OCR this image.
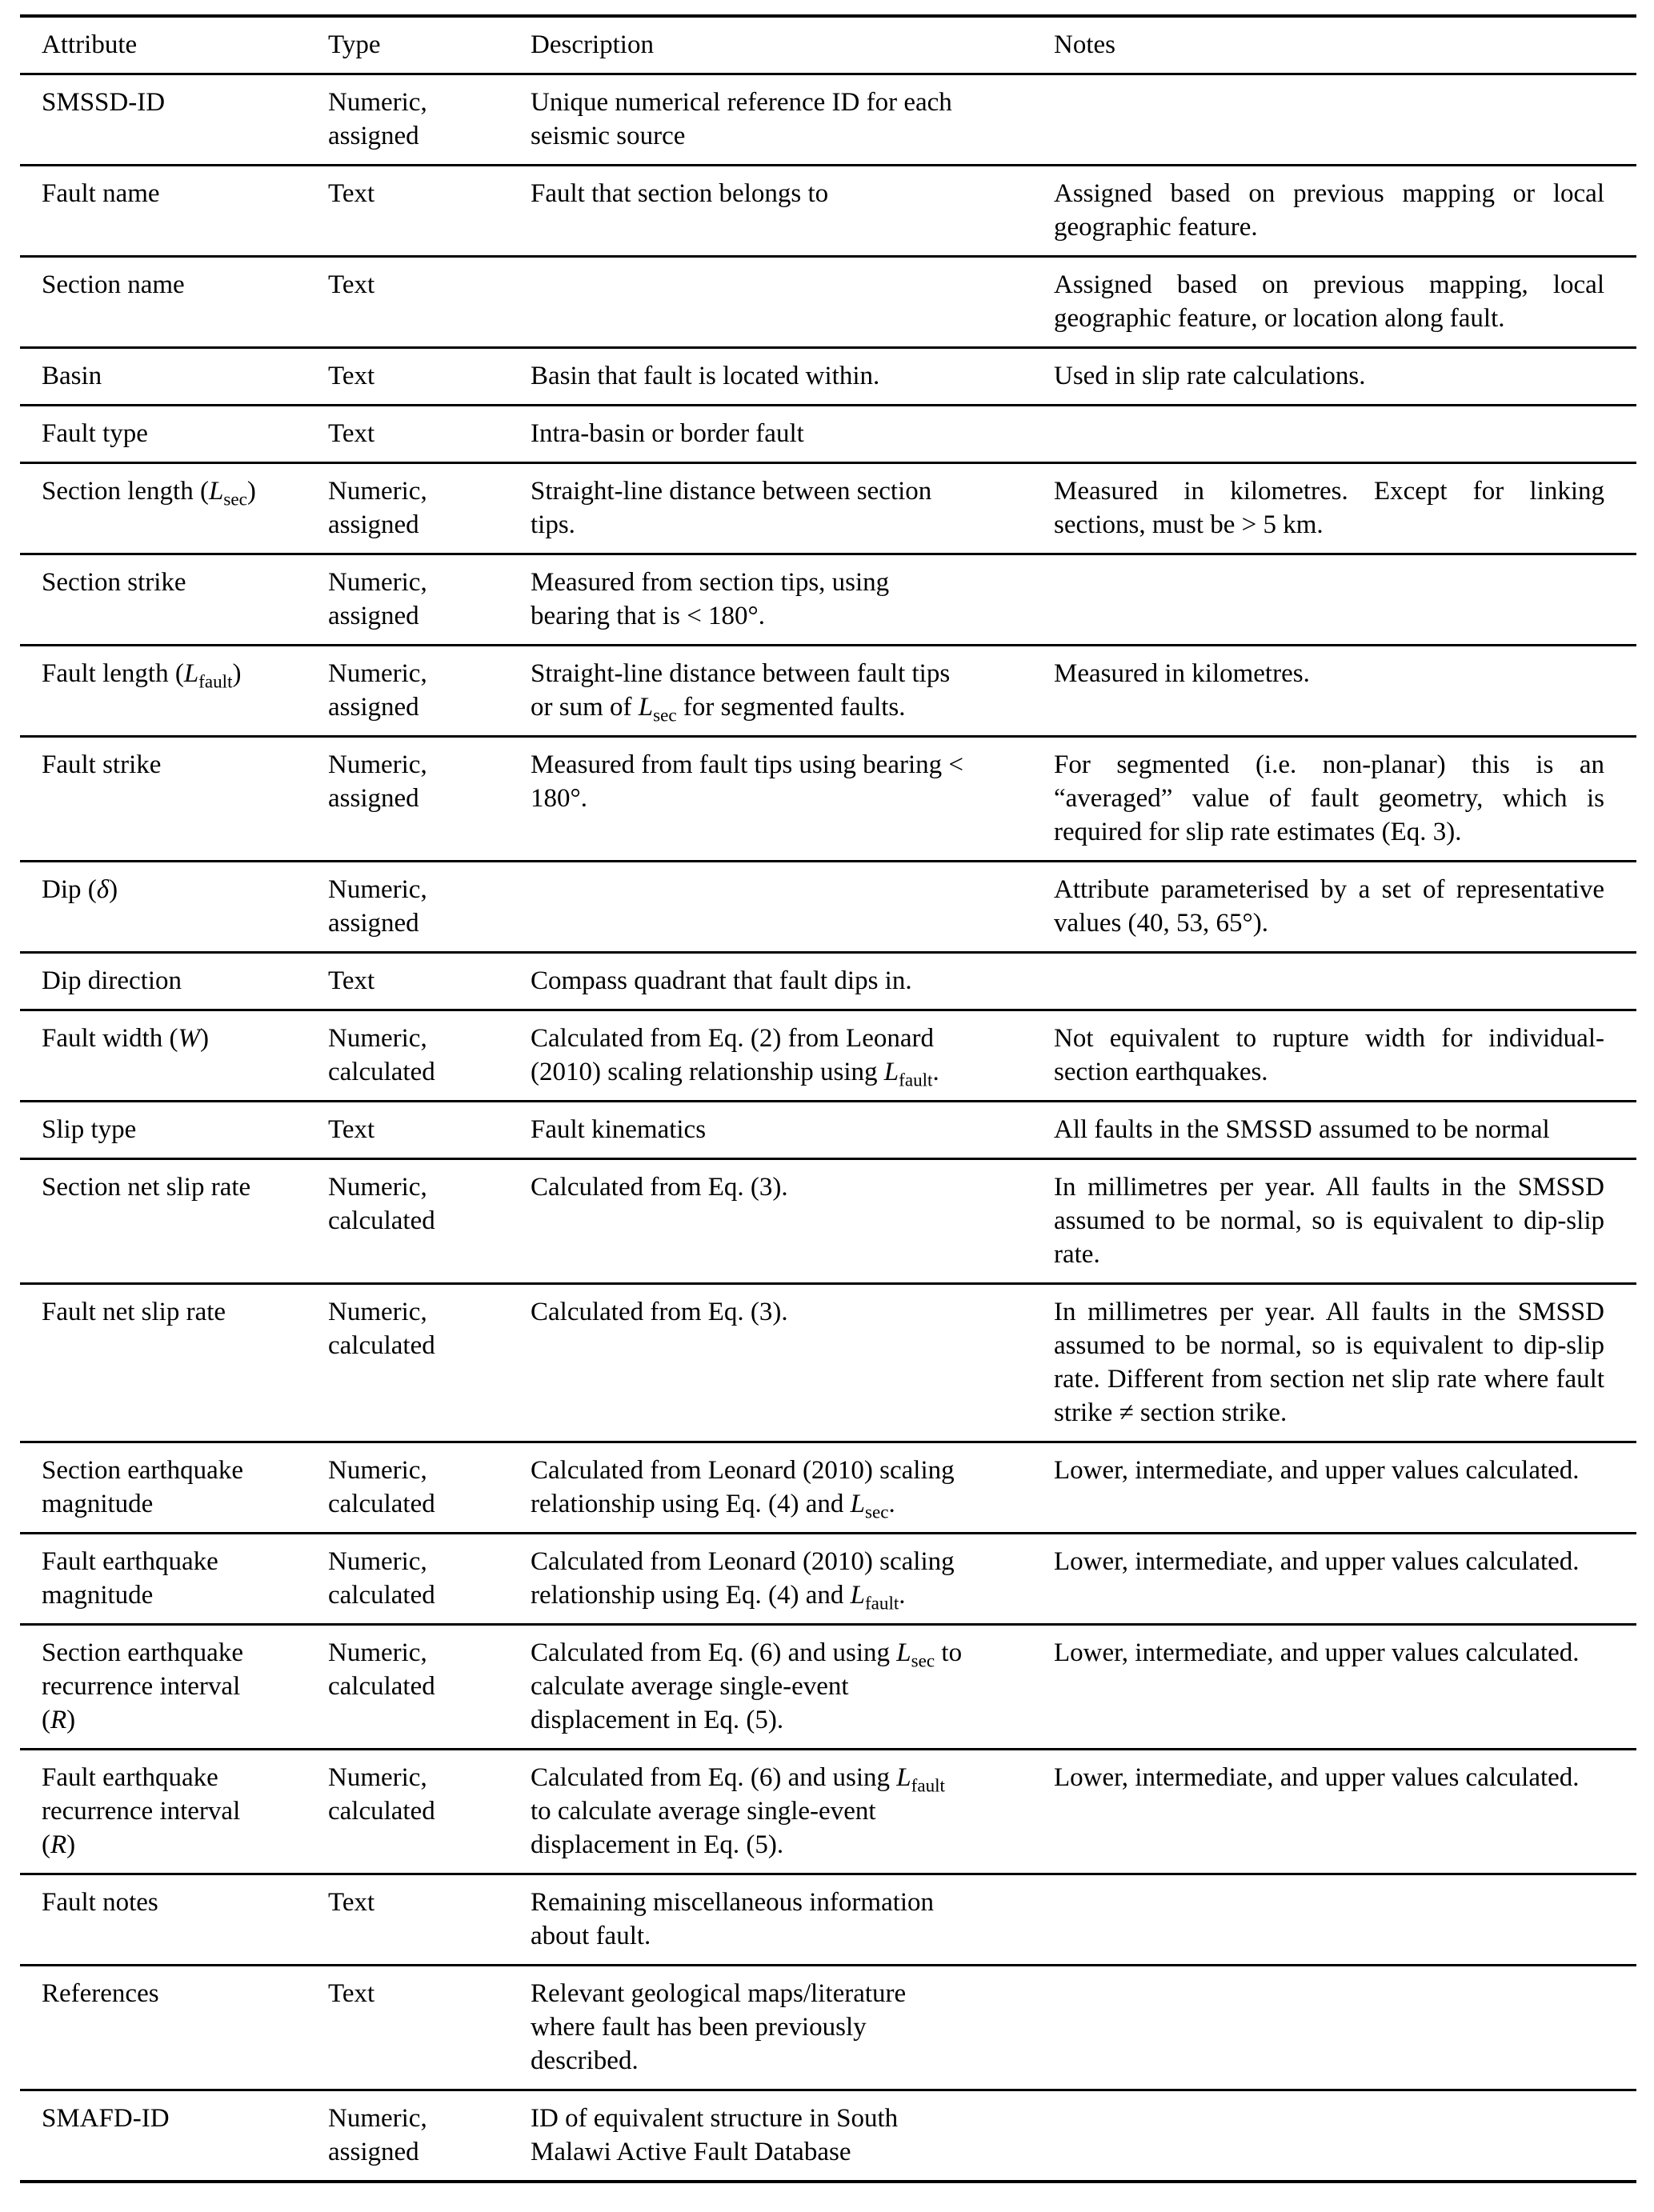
Attribute	Type	Description	Notes
SMSSD-ID	Numeric, assigned	Unique numerical reference ID for each seismic source	
Fault name	Text	Fault that section belongs to	Assigned based on previous mapping or local geographic feature.
Section name	Text		Assigned based on previous mapping, local geographic feature, or location along fault.
Basin	Text	Basin that fault is located within.	Used in slip rate calculations.
Fault type	Text	Intra-basin or border fault	
Section length $(L_{sec})$	Numeric, assigned	Straight-line distance between section tips.	Measured in kilometres. Except for linking sections, must be > 5 km.
Section strike	Numeric, assigned	Measured from section tips, using bearing that is < 180°.	
Fault length $(L_{fault})$	Numeric, assigned	Straight-line distance between fault tips or sum of $L_{sec}$ for segmented faults.	Measured in kilometres.
Fault strike	Numeric, assigned	Measured from fault tips using bearing < 180°.	For segmented (i.e. non-planar) this is an “averaged” value of fault geometry, which is required for slip rate estimates (Eq. 3).
Dip (δ)	Numeric, assigned		Attribute parameterised by a set of representative values (40, 53, 65°).
Dip direction	Text	Compass quadrant that fault dips in.	
Fault width (W)	Numeric, calculated	Calculated from Eq. (2) from Leonard (2010) scaling relationship using $L_{fault}$.	Not equivalent to rupture width for individual-section earthquakes.
Slip type	Text	Fault kinematics	All faults in the SMSSD assumed to be normal
Section net slip rate	Numeric, calculated	Calculated from Eq. (3).	In millimetres per year. All faults in the SMSSD assumed to be normal, so is equivalent to dip-slip rate.
Fault net slip rate	Numeric, calculated	Calculated from Eq. (3).	In millimetres per year. All faults in the SMSSD assumed to be normal, so is equivalent to dip-slip rate. Different from section net slip rate where fault strike ≠ section strike.
Section earthquake magnitude	Numeric, calculated	Calculated from Leonard (2010) scaling relationship using Eq. (4) and $L_{sec}$.	Lower, intermediate, and upper values calculated.
Fault earthquake magnitude	Numeric, calculated	Calculated from Leonard (2010) scaling relationship using Eq. (4) and $L_{fault}$.	Lower, intermediate, and upper values calculated.
Section earthquake recurrence interval (R)	Numeric, calculated	Calculated from Eq. (6) and using $L_{sec}$ to calculate average single-event displacement in Eq. (5).	Lower, intermediate, and upper values calculated.
Fault earthquake recurrence interval (R)	Numeric, calculated	Calculated from Eq. (6) and using $L_{fault}$ to calculate average single-event displacement in Eq. (5).	Lower, intermediate, and upper values calculated.
Fault notes	Text	Remaining miscellaneous information about fault.	
References	Text	Relevant geological maps/literature where fault has been previously described.	
SMAFD-ID	Numeric, assigned	ID of equivalent structure in South Malawi Active Fault Database	
